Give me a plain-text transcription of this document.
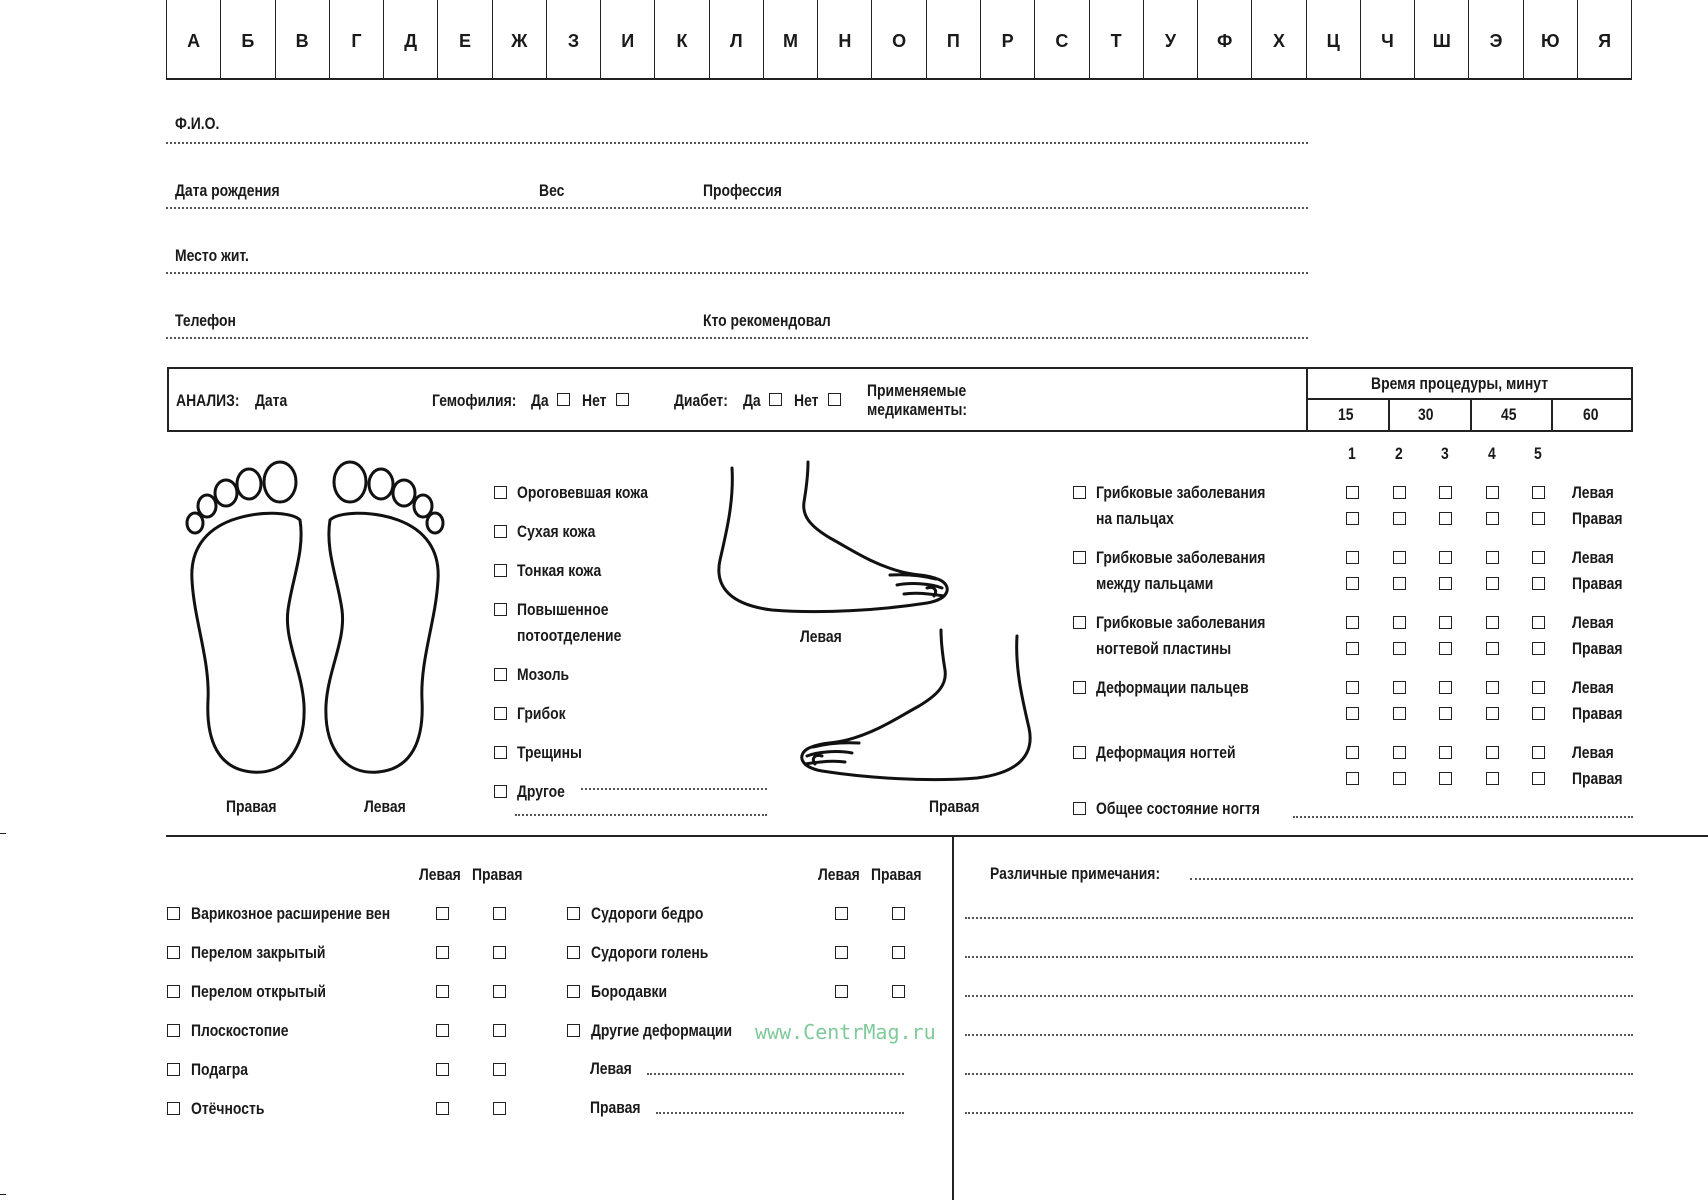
А	Б	В	Г	Д	Е	Ж	З	И	К	Л	М	Н	О	П	Р	С	Т	У	Ф	Х	Ц	Ч	Ш	Э	Ю	Я
Ф.И.О.
Дата рождения	Вес	Профессия
Место жит.
Телефон	Кто рекомендовал
АНАЛИЗ: Дата	Гемофилия: Да Нет	Диабет: Да Нет
Применяемые
медикаменты:
Время процедуры, минут
15	30	45	60
Правая	Левая
Ороговевшая кожа
Сухая кожа
Тонкая кожа
Повышенное
потоотделение
Мозоль
Грибок
Трещины
Другое
Левая
Правая
1 2 3 4 5
Грибковые заболевания
на пальцах
Левая
Правая
Грибковые заболевания
между пальцами
Левая
Правая
Грибковые заболевания
ногтевой пластины
Левая
Правая
Деформации пальцев	Левая
Правая
Деформация ногтей	Левая
Правая
Общее состояние ногтя
Левая Правая	Левая Правая
Варикозное расширение вен
Перелом закрытый
Перелом открытый
Плоскостопие
Подагра
Отёчность
Судороги бедро
Судороги голень
Бородавки
Другие деформации
Левая
Правая
www.CentrMag.ru
Различные примечания:
